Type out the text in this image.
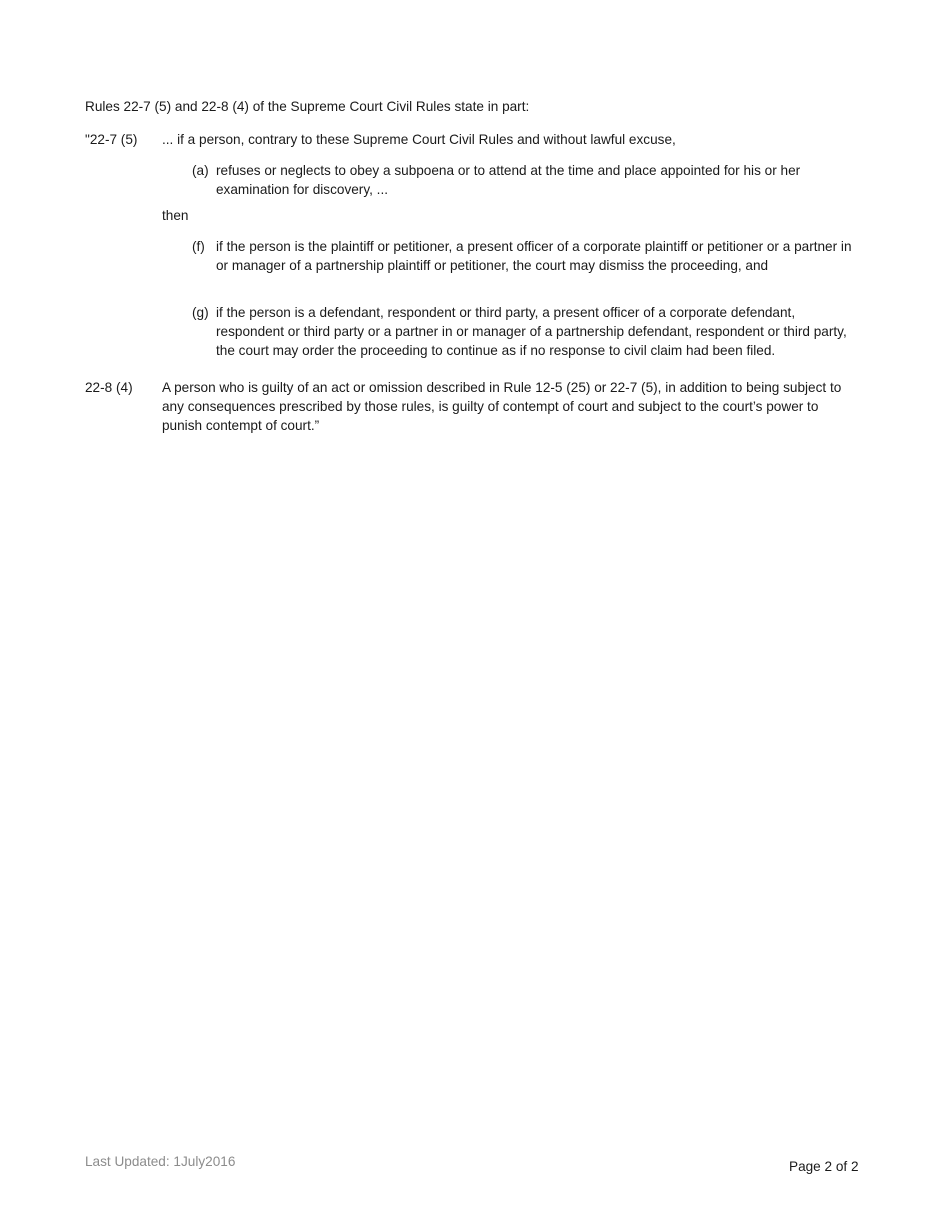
Rules 22-7 (5) and 22-8 (4) of the Supreme Court Civil Rules state in part:
"22-7 (5) ... if a person, contrary to these Supreme Court Civil Rules and without lawful excuse,
(a) refuses or neglects to obey a subpoena or to attend at the time and place appointed for his or her examination for discovery, ...
then
(f) if the person is the plaintiff or petitioner, a present officer of a corporate plaintiff or petitioner or a partner in or manager of a partnership plaintiff or petitioner, the court may dismiss the proceeding, and
(g) if the person is a defendant, respondent or third party, a present officer of a corporate defendant, respondent or third party or a partner in or manager of a partnership defendant, respondent or third party, the court may order the proceeding to continue as if no response to civil claim had been filed.
22-8 (4) A person who is guilty of an act or omission described in Rule 12-5 (25) or 22-7 (5), in addition to being subject to any consequences prescribed by those rules, is guilty of contempt of court and subject to the court’s power to punish contempt of court.”
Last Updated: 1July2016	Page 2 of 2
